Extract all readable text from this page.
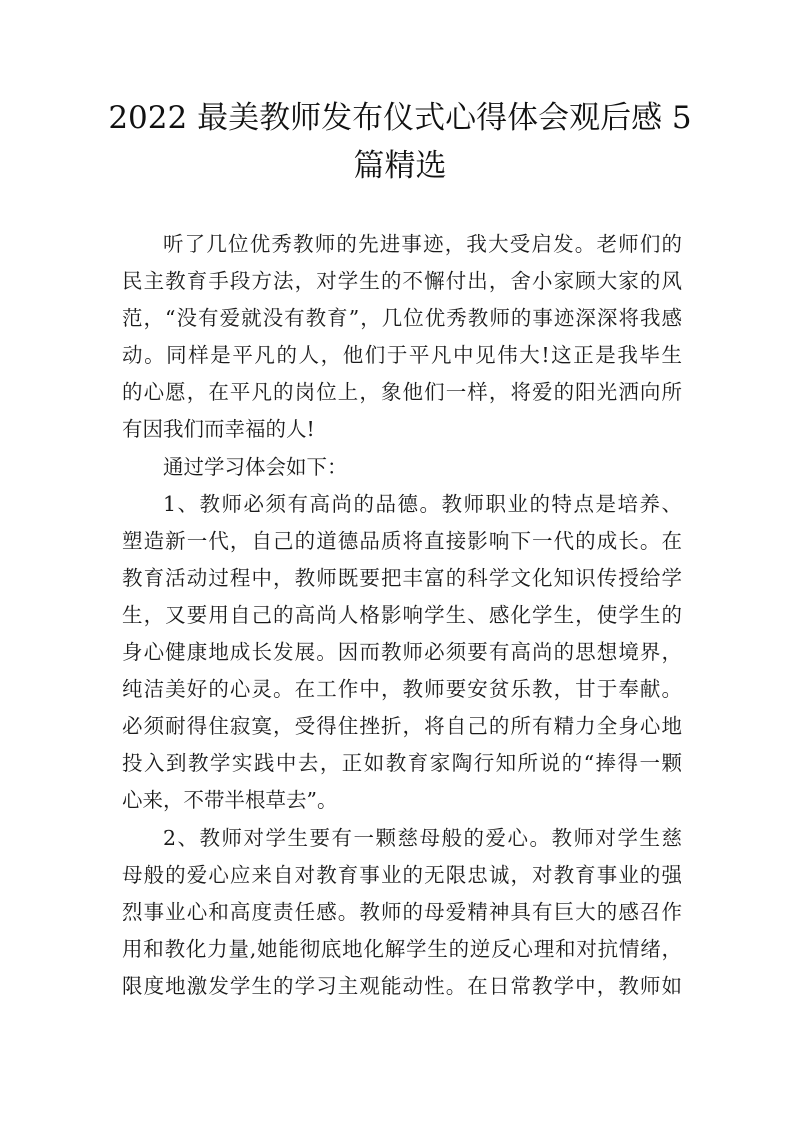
2022 最美教师发布仪式心得体会观后感 5
篇精选
听了几位优秀教师的先进事迹，我大受启发。老师们的
民主教育手段方法，对学生的不懈付出，舍小家顾大家的风
范，“没有爱就没有教育”，几位优秀教师的事迹深深将我感
动。同样是平凡的人，他们于平凡中见伟大!这正是我毕生
的心愿，在平凡的岗位上，象他们一样，将爱的阳光洒向所
有因我们而幸福的人!
通过学习体会如下：
1、教师必须有高尚的品德。教师职业的特点是培养、
塑造新一代，自己的道德品质将直接影响下一代的成长。在
教育活动过程中，教师既要把丰富的科学文化知识传授给学
生，又要用自己的高尚人格影响学生、感化学生，使学生的
身心健康地成长发展。因而教师必须要有高尚的思想境界，
纯洁美好的心灵。在工作中，教师要安贫乐教，甘于奉献。
必须耐得住寂寞，受得住挫折，将自己的所有精力全身心地
投入到教学实践中去，正如教育家陶行知所说的“捧得一颗
心来，不带半根草去”。
2、教师对学生要有一颗慈母般的爱心。教师对学生慈
母般的爱心应来自对教育事业的无限忠诚，对教育事业的强
烈事业心和高度责任感。教师的母爱精神具有巨大的感召作
用和教化力量,她能彻底地化解学生的逆反心理和对抗情绪，
限度地激发学生的学习主观能动性。在日常教学中，教师如
